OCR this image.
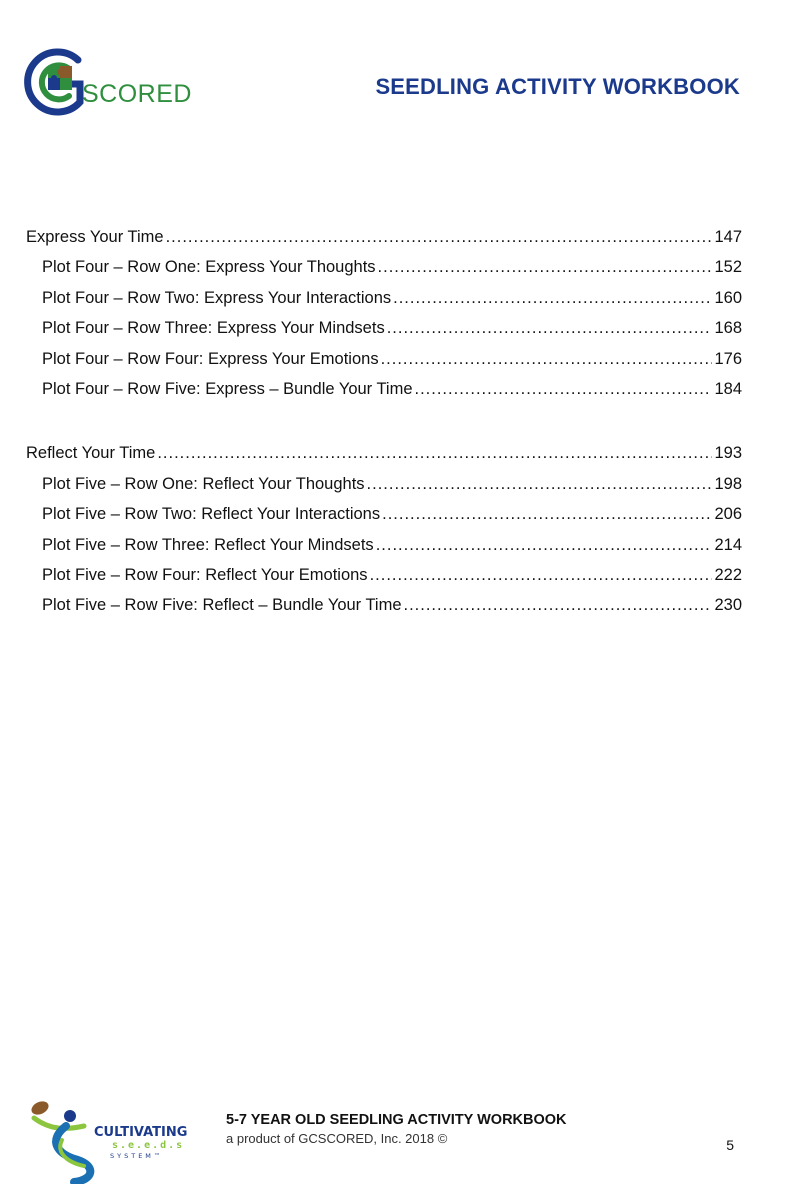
SCORED	SEEDLING ACTIVITY WORKBOOK
Express Your Time .....	147
Plot Four – Row One: Express Your Thoughts .....	152
Plot Four – Row Two: Express Your Interactions .....	160
Plot Four – Row Three: Express Your Mindsets .....	168
Plot Four – Row Four: Express Your Emotions .....	176
Plot Four – Row Five: Express – Bundle Your Time .....	184
Reflect Your Time .....	193
Plot Five – Row One: Reflect Your Thoughts .....	198
Plot Five – Row Two: Reflect Your Interactions .....	206
Plot Five – Row Three: Reflect Your Mindsets .....	214
Plot Five – Row Four: Reflect Your Emotions .....	222
Plot Five – Row Five: Reflect – Bundle Your Time .....	230
CULTIVATING
s.e.e.d.s
SYSTEM™
5-7 YEAR OLD SEEDLING ACTIVITY WORKBOOK
a product of GCSCORED, Inc. 2018 ©	5
